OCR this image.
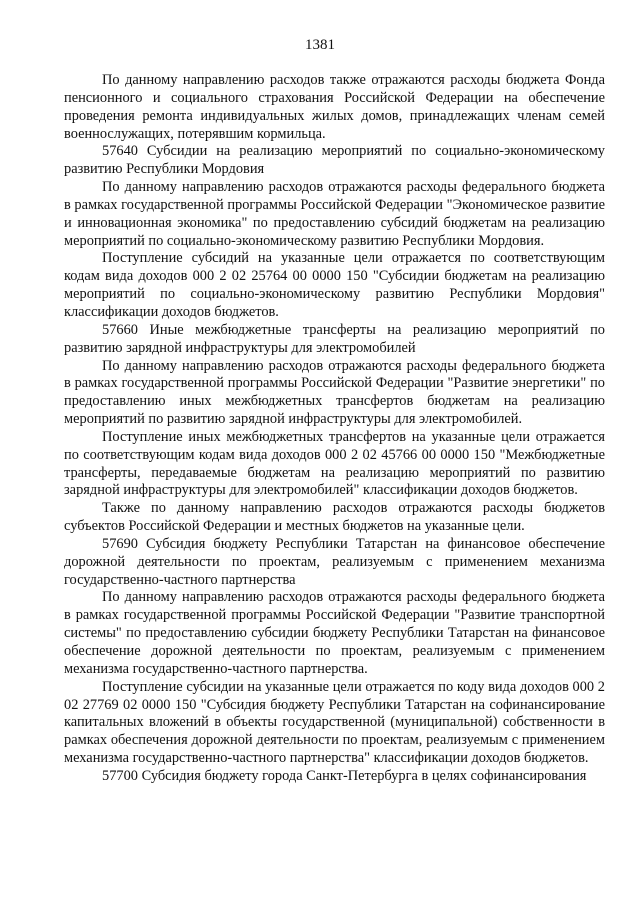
1381

По данному направлению расходов также отражаются расходы бюджета Фонда пенсионного и социального страхования Российской Федерации на обеспечение проведения ремонта индивидуальных жилых домов, принадлежащих членам семей военнослужащих, потерявшим кормильца.

57640 Субсидии на реализацию мероприятий по социально-экономическому развитию Республики Мордовия

По данному направлению расходов отражаются расходы федерального бюджета в рамках государственной программы Российской Федерации "Экономическое развитие и инновационная экономика" по предоставлению субсидий бюджетам на реализацию мероприятий по социально-экономическому развитию Республики Мордовия.

Поступление субсидий на указанные цели отражается по соответствующим кодам вида доходов 000 2 02 25764 00 0000 150 "Субсидии бюджетам на реализацию мероприятий по социально-экономическому развитию Республики Мордовия" классификации доходов бюджетов.

57660 Иные межбюджетные трансферты на реализацию мероприятий по развитию зарядной инфраструктуры для электромобилей

По данному направлению расходов отражаются расходы федерального бюджета в рамках государственной программы Российской Федерации "Развитие энергетики" по предоставлению иных межбюджетных трансфертов бюджетам на реализацию мероприятий по развитию зарядной инфраструктуры для электромобилей.

Поступление иных межбюджетных трансфертов на указанные цели отражается по соответствующим кодам вида доходов 000 2 02 45766 00 0000 150 "Межбюджетные трансферты, передаваемые бюджетам на реализацию мероприятий по развитию зарядной инфраструктуры для электромобилей" классификации доходов бюджетов.

Также по данному направлению расходов отражаются расходы бюджетов субъектов Российской Федерации и местных бюджетов на указанные цели.

57690 Субсидия бюджету Республики Татарстан на финансовое обеспечение дорожной деятельности по проектам, реализуемым с применением механизма государственно-частного партнерства

По данному направлению расходов отражаются расходы федерального бюджета в рамках государственной программы Российской Федерации "Развитие транспортной системы" по предоставлению субсидии бюджету Республики Татарстан на финансовое обеспечение дорожной деятельности по проектам, реализуемым с применением механизма государственно-частного партнерства.

Поступление субсидии на указанные цели отражается по коду вида доходов 000 2 02 27769 02 0000 150 "Субсидия бюджету Республики Татарстан на софинансирование капитальных вложений в объекты государственной (муниципальной) собственности в рамках обеспечения дорожной деятельности по проектам, реализуемым с применением механизма государственно-частного партнерства" классификации доходов бюджетов.

57700 Субсидия бюджету города Санкт-Петербурга в целях софинансирования
